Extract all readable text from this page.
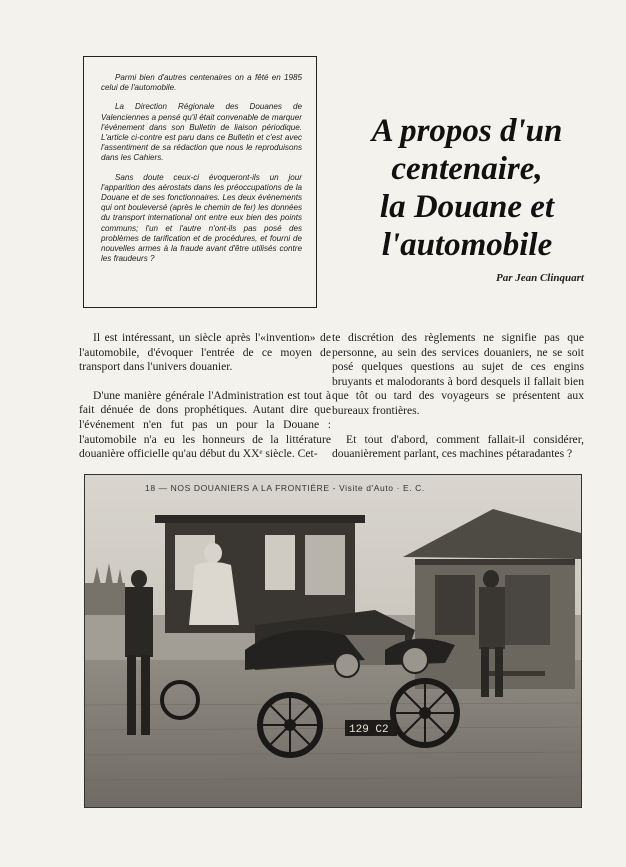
Parmi bien d'autres centenaires on a fêté en 1985 celui de l'automobile.

La Direction Régionale des Douanes de Valenciennes a pensé qu'il était convenable de marquer l'événement dans son Bulletin de liaison périodique. L'article ci-contre est paru dans ce Bulletin et c'est avec l'assentiment de sa rédaction que nous le reproduisons dans les Cahiers.

Sans doute ceux-ci évoqueront-ils un jour l'apparition des aérostats dans les préoccupations de la Douane et de ses fonctionnaires. Les deux événements qui ont bouleversé (après le chemin de fer) les données du transport international ont entre eux bien des points communs; l'un et l'autre n'ont-ils pas posé des problèmes de tarification et de procédures, et fourni de nouvelles armes à la fraude avant d'être utilisés contre les fraudeurs ?

A propos d'un
centenaire,
la Douane et
l'automobile
Par Jean Clinquart

Il est intéressant, un siècle après l'«invention» de l'automobile, d'évoquer l'entrée de ce moyen de transport dans l'univers douanier.

D'une manière générale l'Administration est tout à fait dénuée de dons prophétiques. Autant dire que l'événement n'en fut pas un pour la Douane : l'automobile n'a eu les honneurs de la littérature douanière officielle qu'au début du XXᵉ siècle. Cet-

te discrétion des règlements ne signifie pas que personne, au sein des services douaniers, ne se soit posé quelques questions au sujet de ces engins bruyants et malodorants à bord desquels il fallait bien que tôt ou tard des voyageurs se présentent aux bureaux frontières.

Et tout d'abord, comment fallait-il considérer, douanièrement parlant, ces machines pétaradantes ?

129 C2
18 — NOS DOUANIERS A LA FRONTIÈRE - Visite d'Auto · E. C.
